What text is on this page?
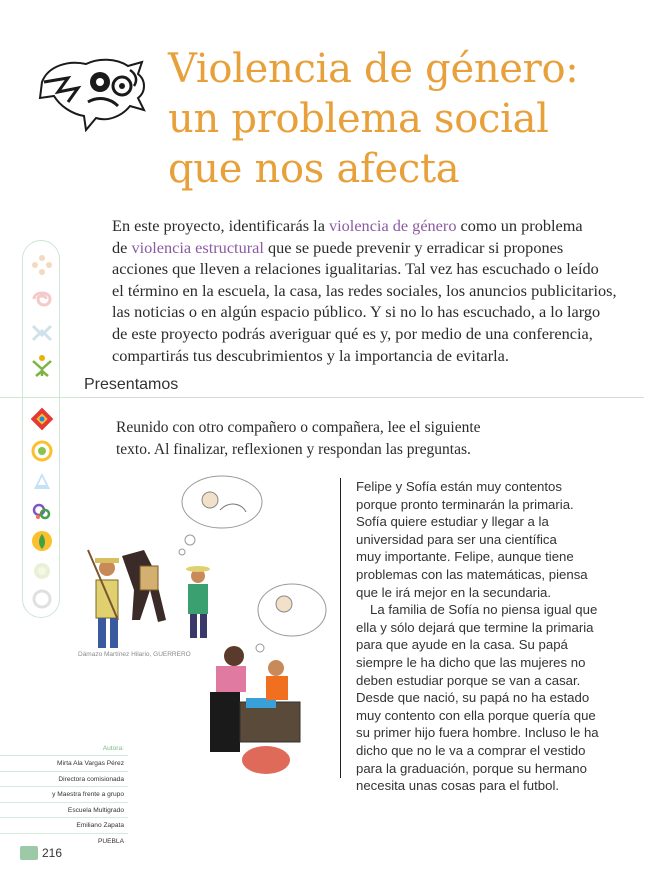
Violencia de género:
un problema social
que nos afecta

En este proyecto, identificarás la violencia de género como un problema

de violencia estructural que se puede prevenir y erradicar si propones

acciones que lleven a relaciones igualitarias. Tal vez has escuchado o leído

el término en la escuela, la casa, las redes sociales, los anuncios publicitarios,

las noticias o en algún espacio público. Y si no lo has escuchado, a lo largo

de este proyecto podrás averiguar qué es y, por medio de una conferencia,

compartirás tus descubrimientos y la importancia de evitarla.

Presentamos

Reunido con otro compañero o compañera, lee el siguiente

texto. Al finalizar, reflexionen y respondan las preguntas.

Dámazo Martínez Hilario, GUERRERO

Felipe y Sofía están muy contentos

porque pronto terminarán la primaria.

Sofía quiere estudiar y llegar a la

universidad para ser una científica

muy importante. Felipe, aunque tiene

problemas con las matemáticas, piensa

que le irá mejor en la secundaria.

La familia de Sofía no piensa igual que

ella y sólo dejará que termine la primaria

para que ayude en la casa. Su papá

siempre le ha dicho que las mujeres no

deben estudiar porque se van a casar.

Desde que nació, su papá no ha estado

muy contento con ella porque quería que

su primer hijo fuera hombre. Incluso le ha

dicho que no le va a comprar el vestido

para la graduación, porque su hermano

necesita unas cosas para el futbol.

Autora:
Mirta Ala Vargas Pérez
Directora comisionada
y Maestra frente a grupo
Escuela Multigrado
Emiliano Zapata
PUEBLA
216
